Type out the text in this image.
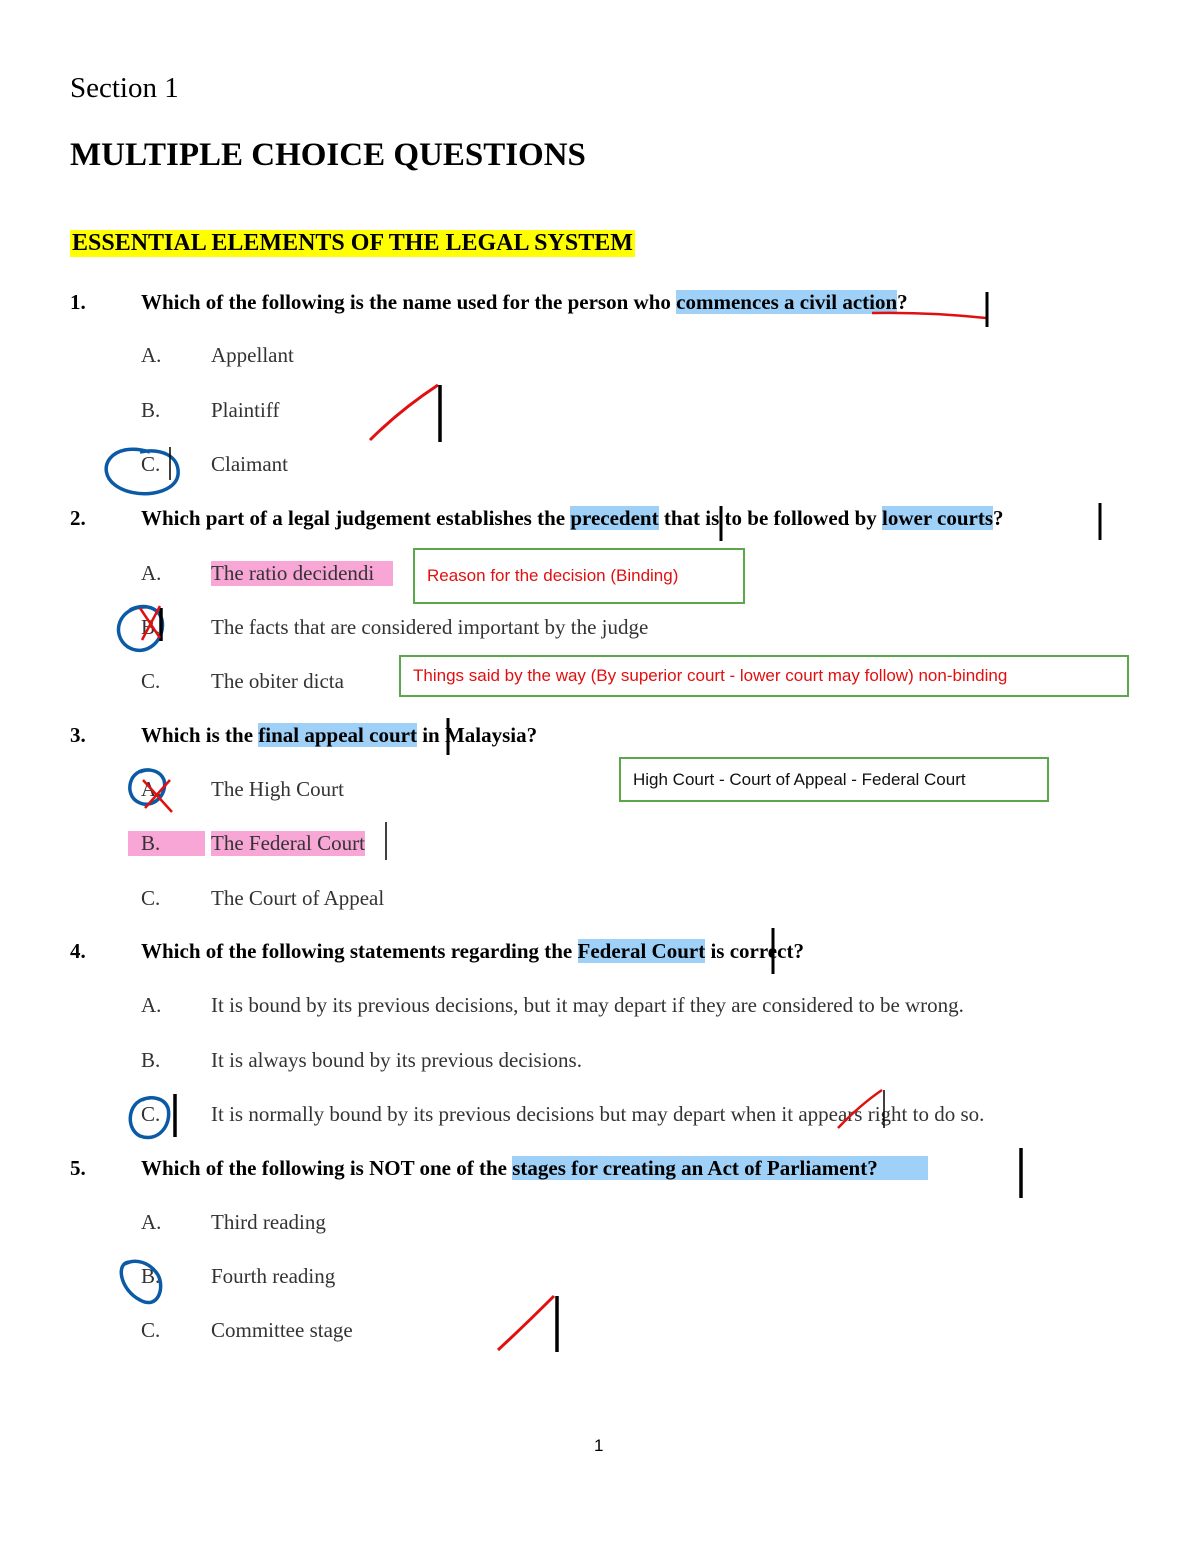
Section 1
MULTIPLE CHOICE QUESTIONS
ESSENTIAL ELEMENTS OF THE LEGAL SYSTEM
1.	Which of the following is the name used for the person who commences a civil action?
A. Appellant
B. Plaintiff
C. Claimant
2.	Which part of a legal judgement establishes the precedent that is to be followed by lower courts?
A. The ratio decidendi
B. The facts that are considered important by the judge
C. The obiter dicta
3.	Which is the final appeal court in Malaysia?
A. The High Court
B.	The Federal Court
C. The Court of Appeal
4.	Which of the following statements regarding the Federal Court is correct?
A. It is bound by its previous decisions, but it may depart if they are considered to be wrong.
B. It is always bound by its previous decisions.
C. It is normally bound by its previous decisions but may depart when it appears right to do so.
5.	Which of the following is NOT one of the stages for creating an Act of Parliament?
A. Third reading
B. Fourth reading
C. Committee stage
Reason for the decision (Binding)
Things said by the way (By superior court - lower court may follow) non-binding
High Court - Court of Appeal - Federal Court
1
